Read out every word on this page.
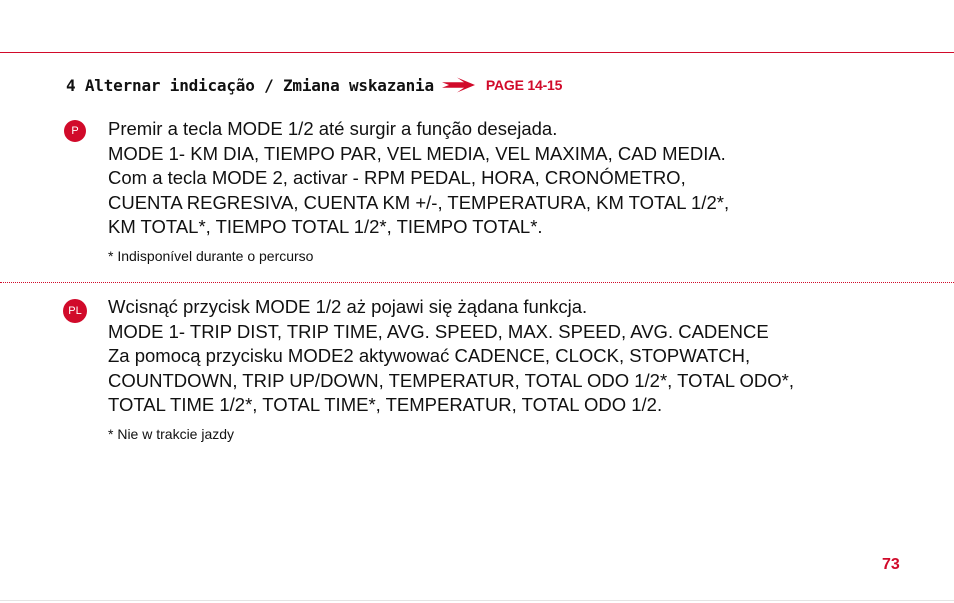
4 Alternar indicação / Zmiana wskazania	PAGE 14-15
P	Premir a tecla MODE 1/2 até surgir a função desejada.
MODE 1- KM DIA, TIEMPO PAR, VEL MEDIA, VEL MAXIMA, CAD MEDIA.
Com a tecla MODE 2, activar - RPM PEDAL, HORA, CRONÓMETRO,
CUENTA REGRESIVA, CUENTA KM +/-, TEMPERATURA, KM TOTAL 1/2*,
KM TOTAL*, TIEMPO TOTAL 1/2*, TIEMPO TOTAL*.
* Indisponível durante o percurso
PL Wcisnąć przycisk MODE 1/2 aż pojawi się żądana funkcja.
MODE 1- TRIP DIST, TRIP TIME, AVG. SPEED, MAX. SPEED, AVG. CADENCE
Za pomocą przycisku MODE2 aktywować CADENCE, CLOCK, STOPWATCH,
COUNTDOWN, TRIP UP/DOWN, TEMPERATUR, TOTAL ODO 1/2*, TOTAL ODO*,
TOTAL TIME 1/2*, TOTAL TIME*, TEMPERATUR, TOTAL ODO 1/2.
* Nie w trakcie jazdy
73
